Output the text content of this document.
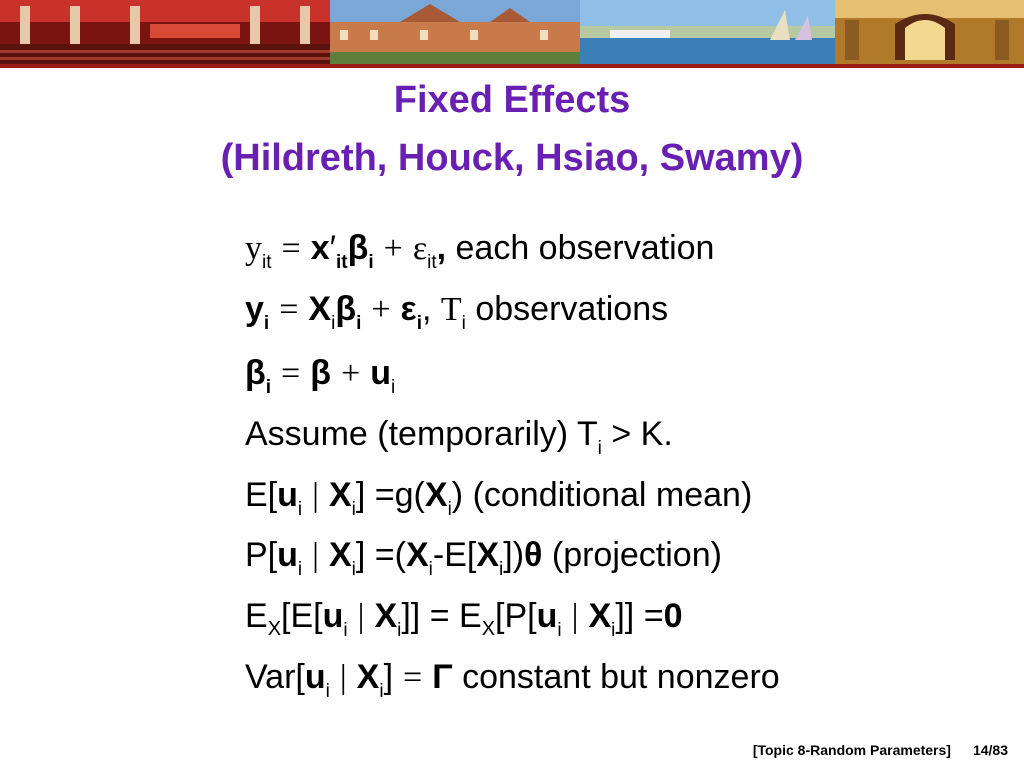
Fixed Effects
(Hildreth, Houck, Hsiao, Swamy)
$y_{it} = x'_{it}\beta_i + \varepsilon_{it}$, each observation
$y_i = X_i\beta_i + \varepsilon_i$, $T_i$ observations
$\beta_i = \beta + u_i$
Assume (temporarily) $T_i > K$.
$E[u_i$ | $X_i] =g(X_i)$ (conditional mean)
$P[u_i$ | $X_i] =(X_i-E[X_i])\theta$ (projection)
$E_X[E[u_i$ | $X_i]] = E_X[P[u_i$ | $X_i]] =0$
$Var[u_i$ | $X_i] = \Gamma$ constant but nonzero
[Topic 8-Random Parameters] 14/83
